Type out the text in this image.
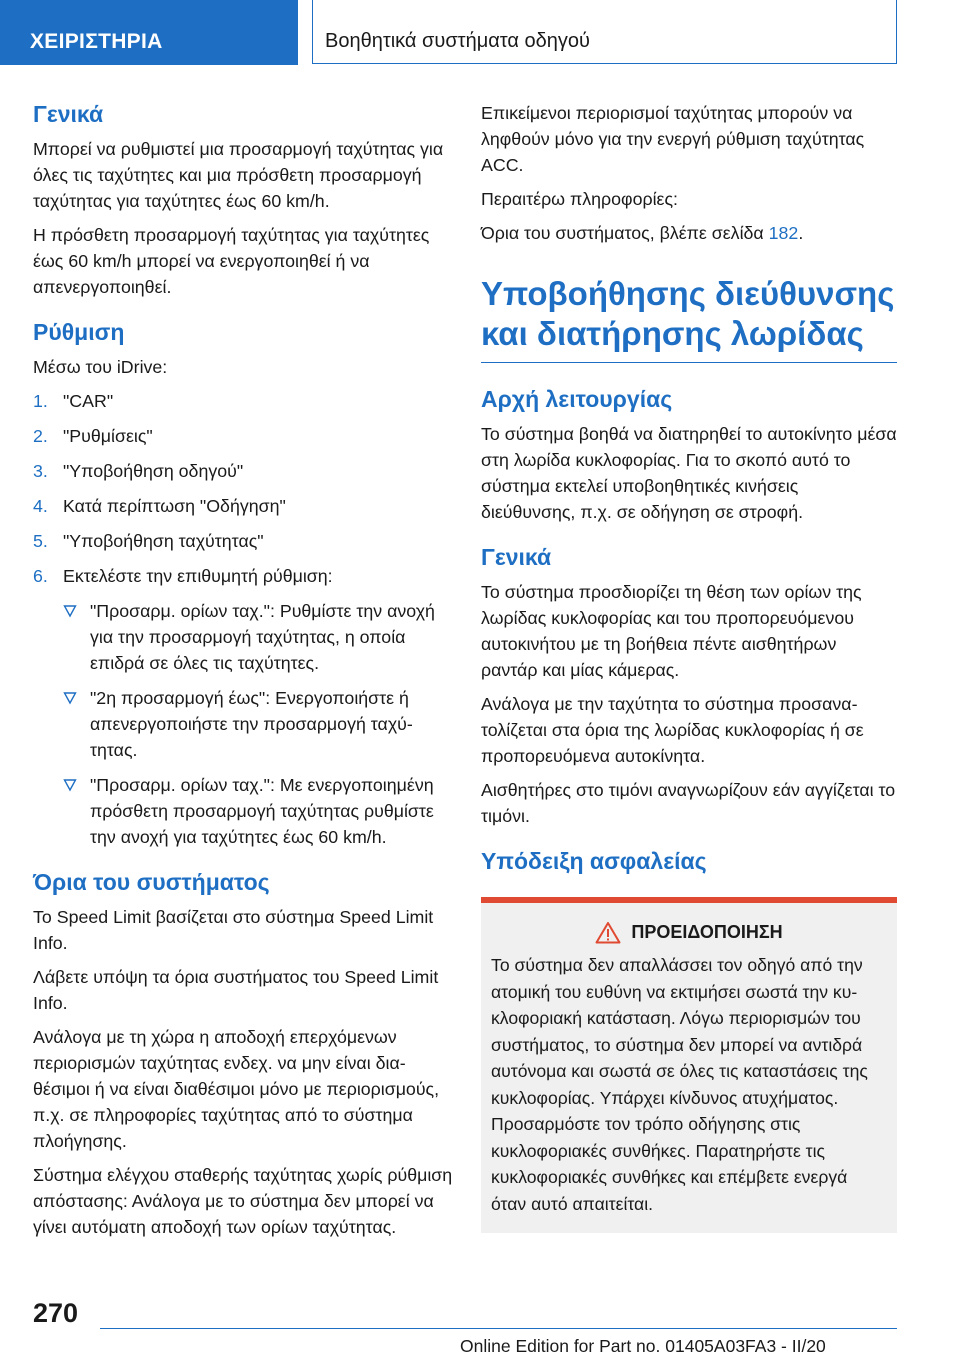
ΧΕΙΡΙΣΤΗΡΙΑ	Βοηθητικά συστήματα οδηγού
Γενικά

Μπορεί να ρυθμιστεί μια προσαρμογή ταχύτητας για όλες τις ταχύτητες και μια πρόσθετη προσαρμογή ταχύτητας για ταχύτητες έως 60 km/h.

Η πρόσθετη προσαρμογή ταχύτητας για ταχύτητες έως 60 km/h μπορεί να ενεργοποιηθεί ή να απενεργοποιηθεί.

Ρύθμιση

Μέσω του iDrive:

1. "CAR"
2. "Ρυθμίσεις"
3. "Υποβοήθηση οδηγού"
4. Κατά περίπτωση "Οδήγηση"
5. "Υποβοήθηση ταχύτητας"
6. Εκτελέστε την επιθυμητή ρύθμιση:
"Προσαρμ. ορίων ταχ.": Ρυθμίστε την ανοχή για την προσαρμογή ταχύτητας, η οποία επιδρά σε όλες τις ταχύτητες.
"2η προσαρμογή έως": Ενεργοποιήστε ή απενεργοποιήστε την προσαρμογή ταχύτητας.
"Προσαρμ. ορίων ταχ.": Με ενεργοποιημένη πρόσθετη προσαρμογή ταχύτητας ρυθμίστε την ανοχή για ταχύτητες έως 60 km/h.
Όρια του συστήματος

Το Speed Limit βασίζεται στο σύστημα Speed Limit Info.

Λάβετε υπόψη τα όρια συστήματος του Speed Limit Info.

Ανάλογα με τη χώρα η αποδοχή επερχόμενων περιορισμών ταχύτητας ενδεχ. να μην είναι διαθέσιμοι ή να είναι διαθέσιμοι μόνο με περιορισμούς, π.χ. σε πληροφορίες ταχύτητας από το σύστημα πλοήγησης.

Σύστημα ελέγχου σταθερής ταχύτητας χωρίς ρύθμιση απόστασης: Ανάλογα με το σύστημα δεν μπορεί να γίνει αυτόματη αποδοχή των ορίων ταχύτητας.

Επικείμενοι περιορισμοί ταχύτητας μπορούν να ληφθούν μόνο για την ενεργή ρύθμιση ταχύτητας ACC.

Περαιτέρω πληροφορίες:

Όρια του συστήματος, βλέπε σελίδα 182.

Υποβοήθησης διεύθυνσης και διατήρησης λωρίδας
Αρχή λειτουργίας

Το σύστημα βοηθά να διατηρηθεί το αυτοκίνητο μέσα στη λωρίδα κυκλοφορίας. Για το σκοπό αυτό το σύστημα εκτελεί υποβοηθητικές κινήσεις διεύθυνσης, π.χ. σε οδήγηση σε στροφή.

Γενικά

Το σύστημα προσδιορίζει τη θέση των ορίων της λωρίδας κυκλοφορίας και του προπορευόμενου αυτοκινήτου με τη βοήθεια πέντε αισθητήρων ραντάρ και μίας κάμερας.

Ανάλογα με την ταχύτητα το σύστημα προσανατολίζεται στα όρια της λωρίδας κυκλοφορίας ή σε προπορευόμενα αυτοκίνητα.

Αισθητήρες στο τιμόνι αναγνωρίζουν εάν αγγίζεται το τιμόνι.

Υπόδειξη ασφαλείας
ΠΡΟΕΙΔΟΠΟΙΗΣΗ

Το σύστημα δεν απαλλάσσει τον οδηγό από την ατομική του ευθύνη να εκτιμήσει σωστά την κυκλοφοριακή κατάσταση. Λόγω περιορισμών του συστήματος, το σύστημα δεν μπορεί να αντιδρά αυτόνομα και σωστά σε όλες τις καταστάσεις της κυκλοφορίας. Υπάρχει κίνδυνος ατυχήματος. Προσαρμόστε τον τρόπο οδήγησης στις κυκλοφοριακές συνθήκες. Παρατηρήστε τις κυκλοφοριακές συνθήκες και επέμβετε ενεργά όταν αυτό απαιτείται.

270
Online Edition for Part no. 01405A03FA3 - II/20
